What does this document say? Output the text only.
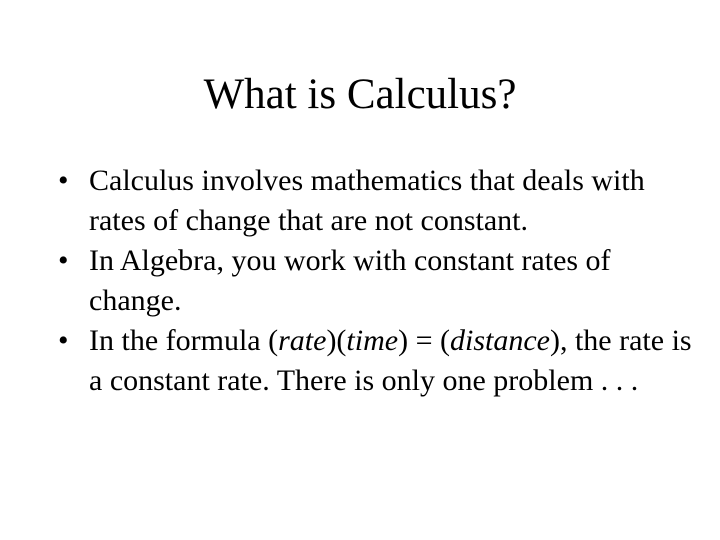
What is Calculus?
• Calculus involves mathematics that deals with rates of change that are not constant.
• In Algebra, you work with constant rates of change.
• In the formula (rate)(time) = (distance), the rate is a constant rate. There is only one problem . . .
